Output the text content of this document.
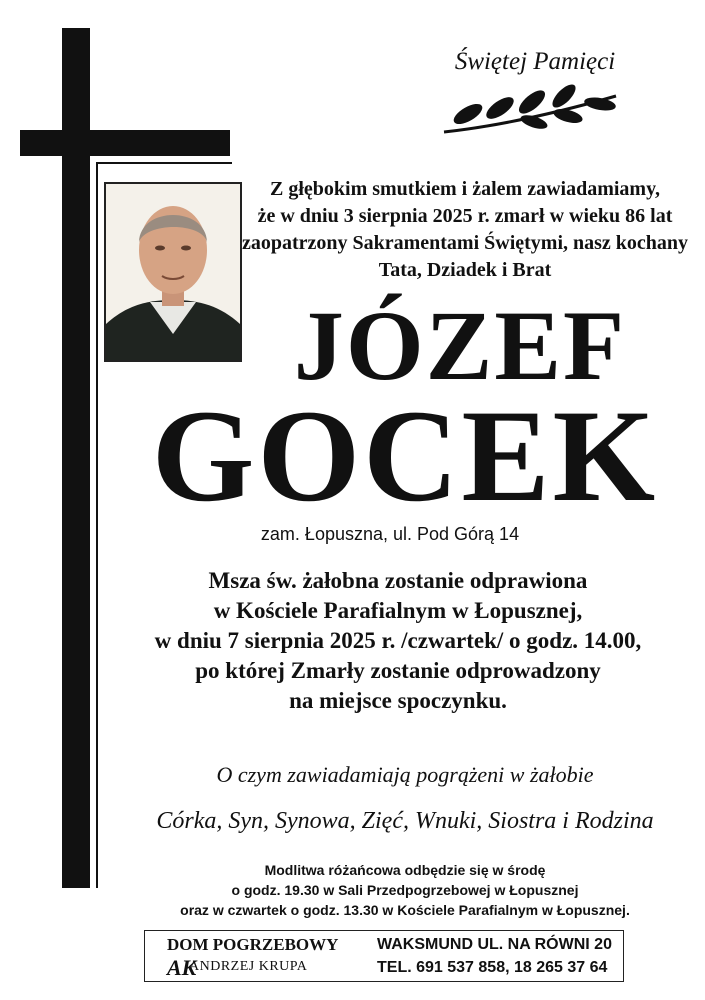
Świętej Pamięci
Z głębokim smutkiem i żalem zawiadamiamy,
że w dniu 3 sierpnia 2025 r. zmarł w wieku 86 lat
zaopatrzony Sakramentami Świętymi, nasz kochany
Tata, Dziadek i Brat
JÓZEF
GOCEK
zam. Łopuszna, ul. Pod Górą 14
Msza św. żałobna zostanie odprawiona
w Kościele Parafialnym w Łopusznej,
w dniu 7 sierpnia 2025 r. /czwartek/ o godz. 14.00,
po której Zmarły zostanie odprowadzony
na miejsce spoczynku.
O czym zawiadamiają pogrążeni w żałobie
Córka, Syn, Synowa, Zięć, Wnuki, Siostra i Rodzina
Modlitwa różańcowa odbędzie się w środę
o godz. 19.30 w Sali Przedpogrzebowej w Łopusznej
oraz w czwartek o godz. 13.30 w Kościele Parafialnym w Łopusznej.
DOM POGRZEBOWY
AK
ANDRZEJ KRUPA
WAKSMUND UL. NA RÓWNI 20
TEL. 691 537 858, 18 265 37 64
